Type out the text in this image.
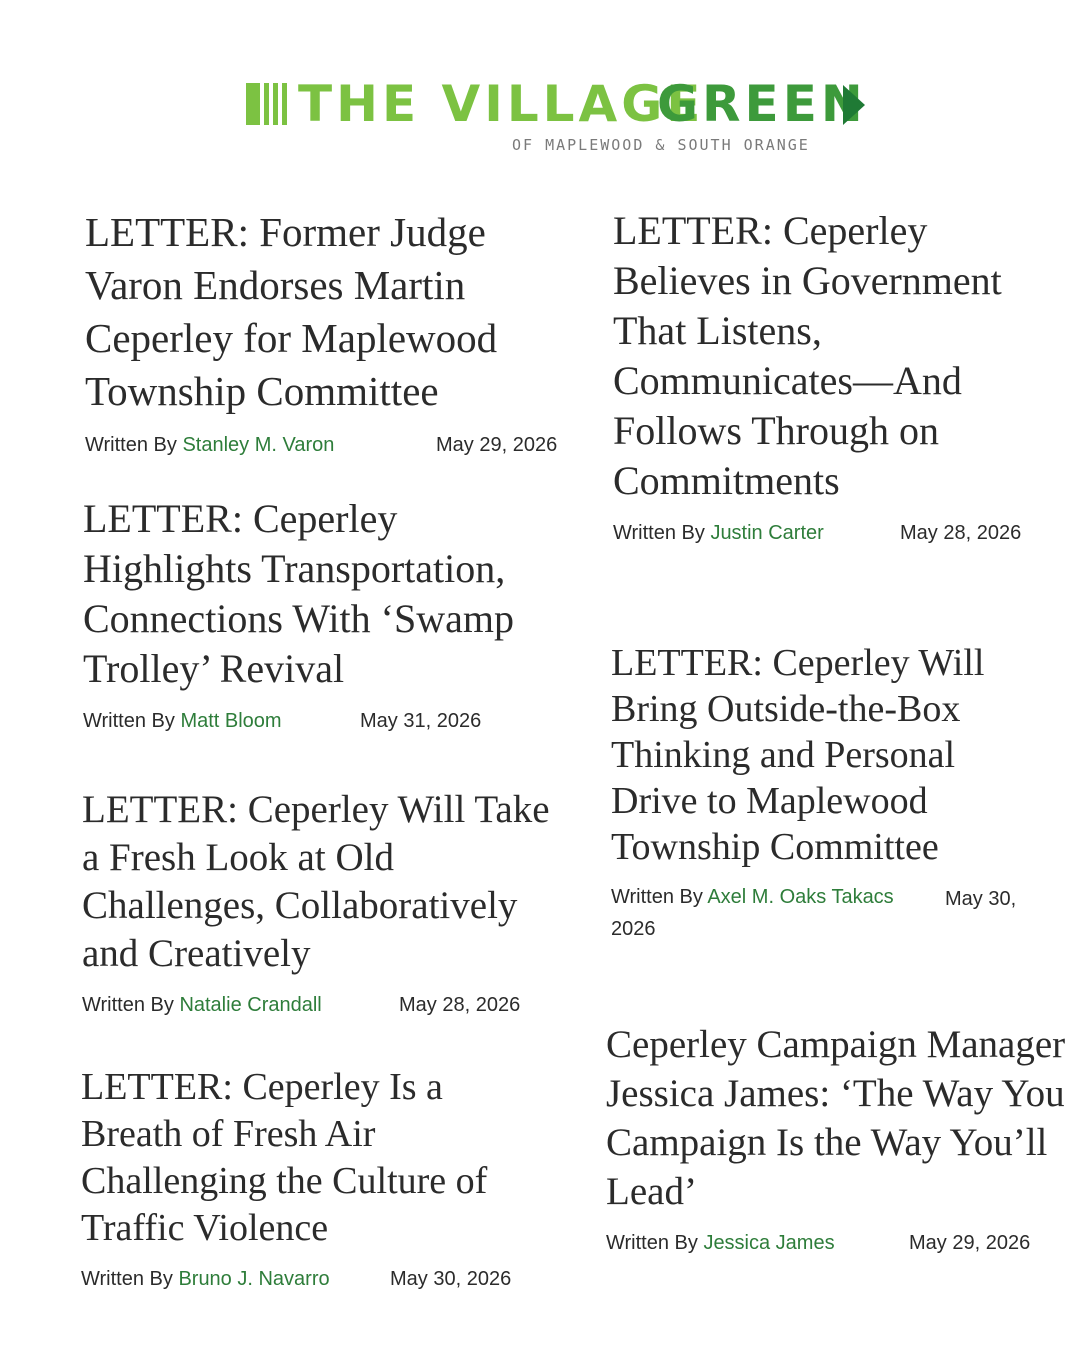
THE VILLAGE
GREEN
OF MAPLEWOOD & SOUTH ORANGE
LETTER: Former Judge Varon Endorses Martin Ceperley for Maplewood Township Committee
Written By Stanley M. Varon	May 29, 2026
LETTER: Ceperley Highlights Transportation, Connections With ‘Swamp Trolley’ Revival
Written By Matt Bloom	May 31, 2026
LETTER: Ceperley Will Take a Fresh Look at Old Challenges, Collaboratively and Creatively
Written By Natalie Crandall	May 28, 2026
LETTER: Ceperley Is a Breath of Fresh Air Challenging the Culture of Traffic Violence
Written By Bruno J. Navarro	May 30, 2026
LETTER: Ceperley Believes in Government That Listens, Communicates—And Follows Through on Commitments
Written By Justin Carter	May 28, 2026
LETTER: Ceperley Will Bring Outside-the-Box Thinking and Personal Drive to Maplewood Township Committee
Written By Axel M. Oaks Takacs
Ceperley Campaign Manager Jessica James: ‘The Way You Campaign Is the Way You’ll Lead’
Written By Jessica James	May 29, 2026
May 30, 2026
